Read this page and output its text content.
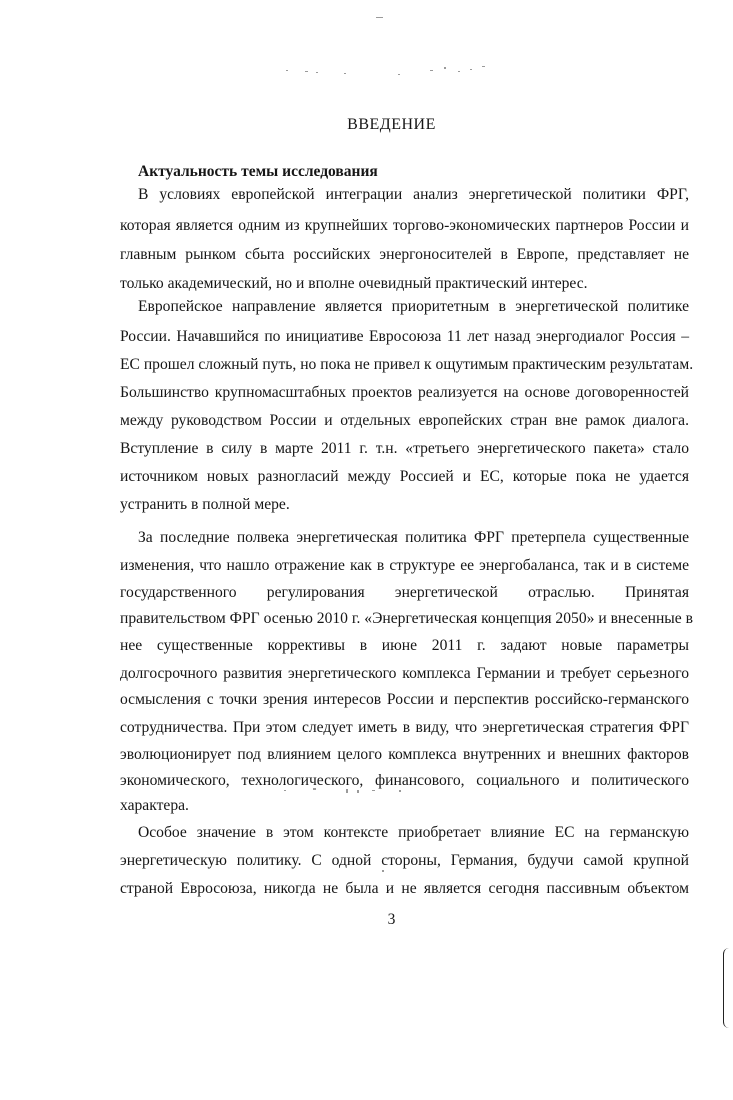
ВВЕДЕНИЕ
Актуальность темы исследования
В условиях европейской интеграции анализ энергетической политики ФРГ,
которая является одним из крупнейших торгово-экономических партнеров России и
главным рынком сбыта российских энергоносителей в Европе, представляет не
только академический, но и вполне очевидный практический интерес.
Европейское направление является приоритетным в энергетической политике
России. Начавшийся по инициативе Евросоюза 11 лет назад энергодиалог Россия –
ЕС прошел сложный путь, но пока не привел к ощутимым практическим результатам.
Большинство крупномасштабных проектов реализуется на основе договоренностей
между руководством России и отдельных европейских стран вне рамок диалога.
Вступление в силу в марте 2011 г. т.н. «третьего энергетического пакета» стало
источником новых разногласий между Россией и ЕС, которые пока не удается
устранить в полной мере.
За последние полвека энергетическая политика ФРГ претерпела существенные
изменения, что нашло отражение как в структуре ее энергобаланса, так и в системе
государственного регулирования энергетической отраслью. Принятая
правительством ФРГ осенью 2010 г. «Энергетическая концепция 2050» и внесенные в
нее существенные коррективы в июне 2011 г. задают новые параметры
долгосрочного развития энергетического комплекса Германии и требует серьезного
осмысления с точки зрения интересов России и перспектив российско-германского
сотрудничества. При этом следует иметь в виду, что энергетическая стратегия ФРГ
эволюционирует под влиянием целого комплекса внутренних и внешних факторов
экономического, технологического, финансового, социального и политического
характера.
Особое значение в этом контексте приобретает влияние ЕС на германскую
энергетическую политику. С одной стороны, Германия, будучи самой крупной
страной Евросоюза, никогда не была и не является сегодня пассивным объектом
3
